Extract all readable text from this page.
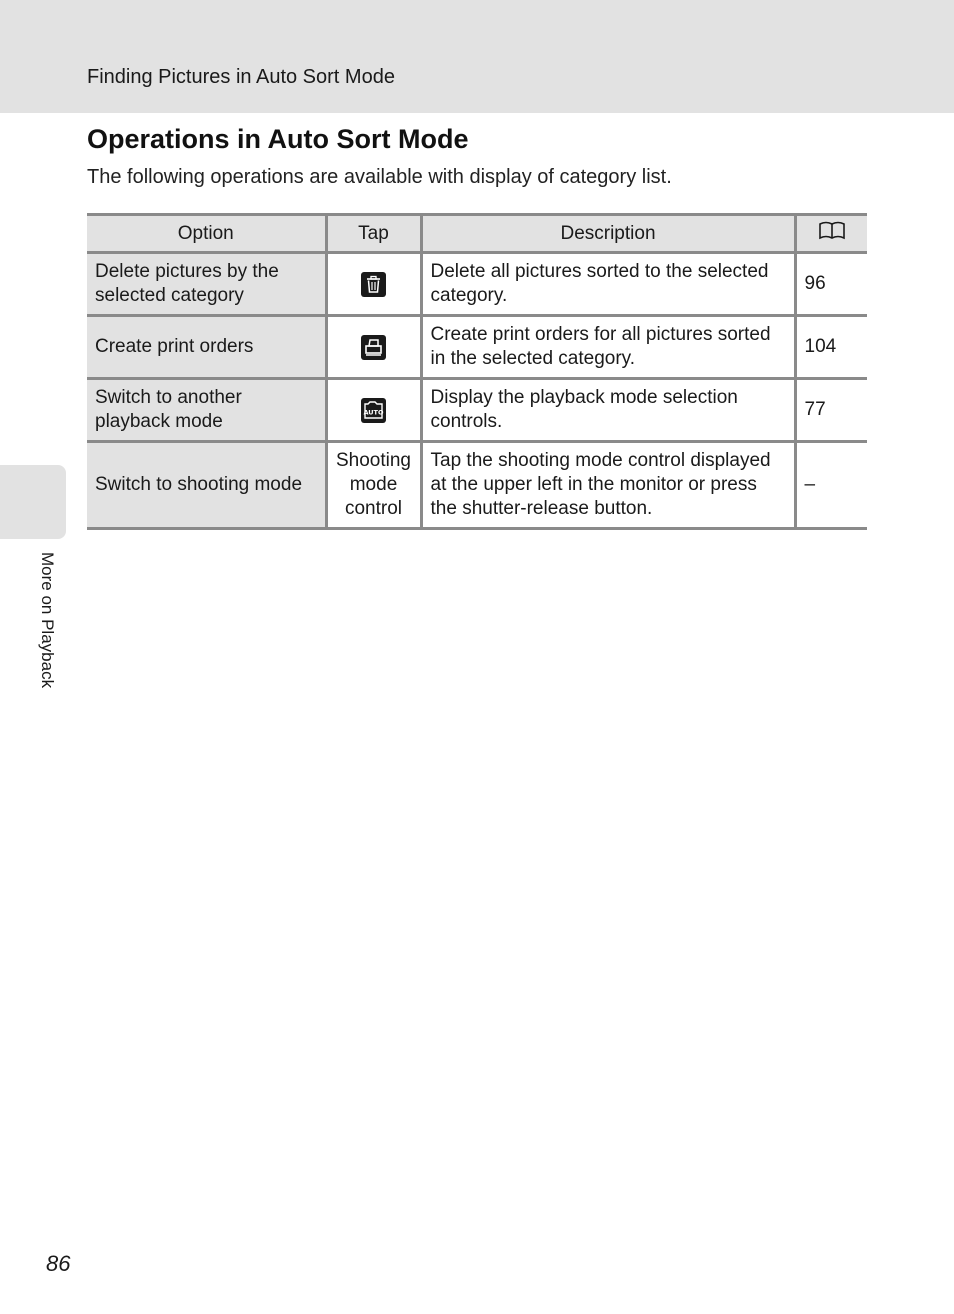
Finding Pictures in Auto Sort Mode
More on Playback
Operations in Auto Sort Mode

The following operations are available with display of category list.

Option	Tap	Description	
Delete pictures by the selected category		Delete all pictures sorted to the selected category.	96
Create print orders		Create print orders for all pictures sorted in the selected category.	104
Switch to another playback mode	AUTO	Display the playback mode selection controls.	77
Switch to shooting mode	Shooting mode control	Tap the shooting mode control displayed at the upper left in the monitor or press the shutter-release button.	–
86
